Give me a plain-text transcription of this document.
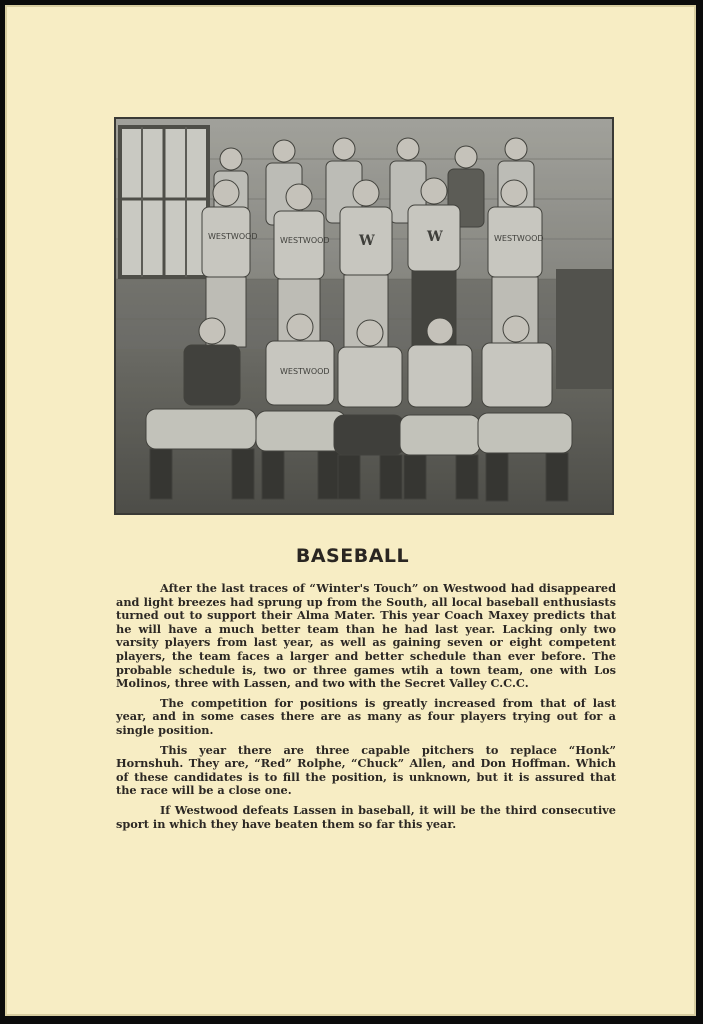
WESTWOOD	WESTWOOD W	W	WESTWOOD
WESTWOOD
BASEBALL

After the last traces of “Winter's Touch” on Westwood had disappeared and light breezes had sprung up from the South, all local baseball enthusiasts turned out to support their Alma Mater. This year Coach Maxey predicts that he will have a much better team than he had last year. Lacking only two varsity players from last year, as well as gaining seven or eight competent players, the team faces a larger and better schedule than ever before. The probable schedule is, two or three games wtih a town team, one with Los Molinos, three with Lassen, and two with the Secret Valley C.C.C.

The competition for positions is greatly increased from that of last year, and in some cases there are as many as four players trying out for a single position.

This year there are three capable pitchers to replace “Honk” Hornshuh. They are, “Red” Rolphe, “Chuck” Allen, and Don Hoffman. Which of these candidates is to fill the position, is unknown, but it is assured that the race will be a close one.

If Westwood defeats Lassen in baseball, it will be the third consecutive sport in which they have beaten them so far this year.
